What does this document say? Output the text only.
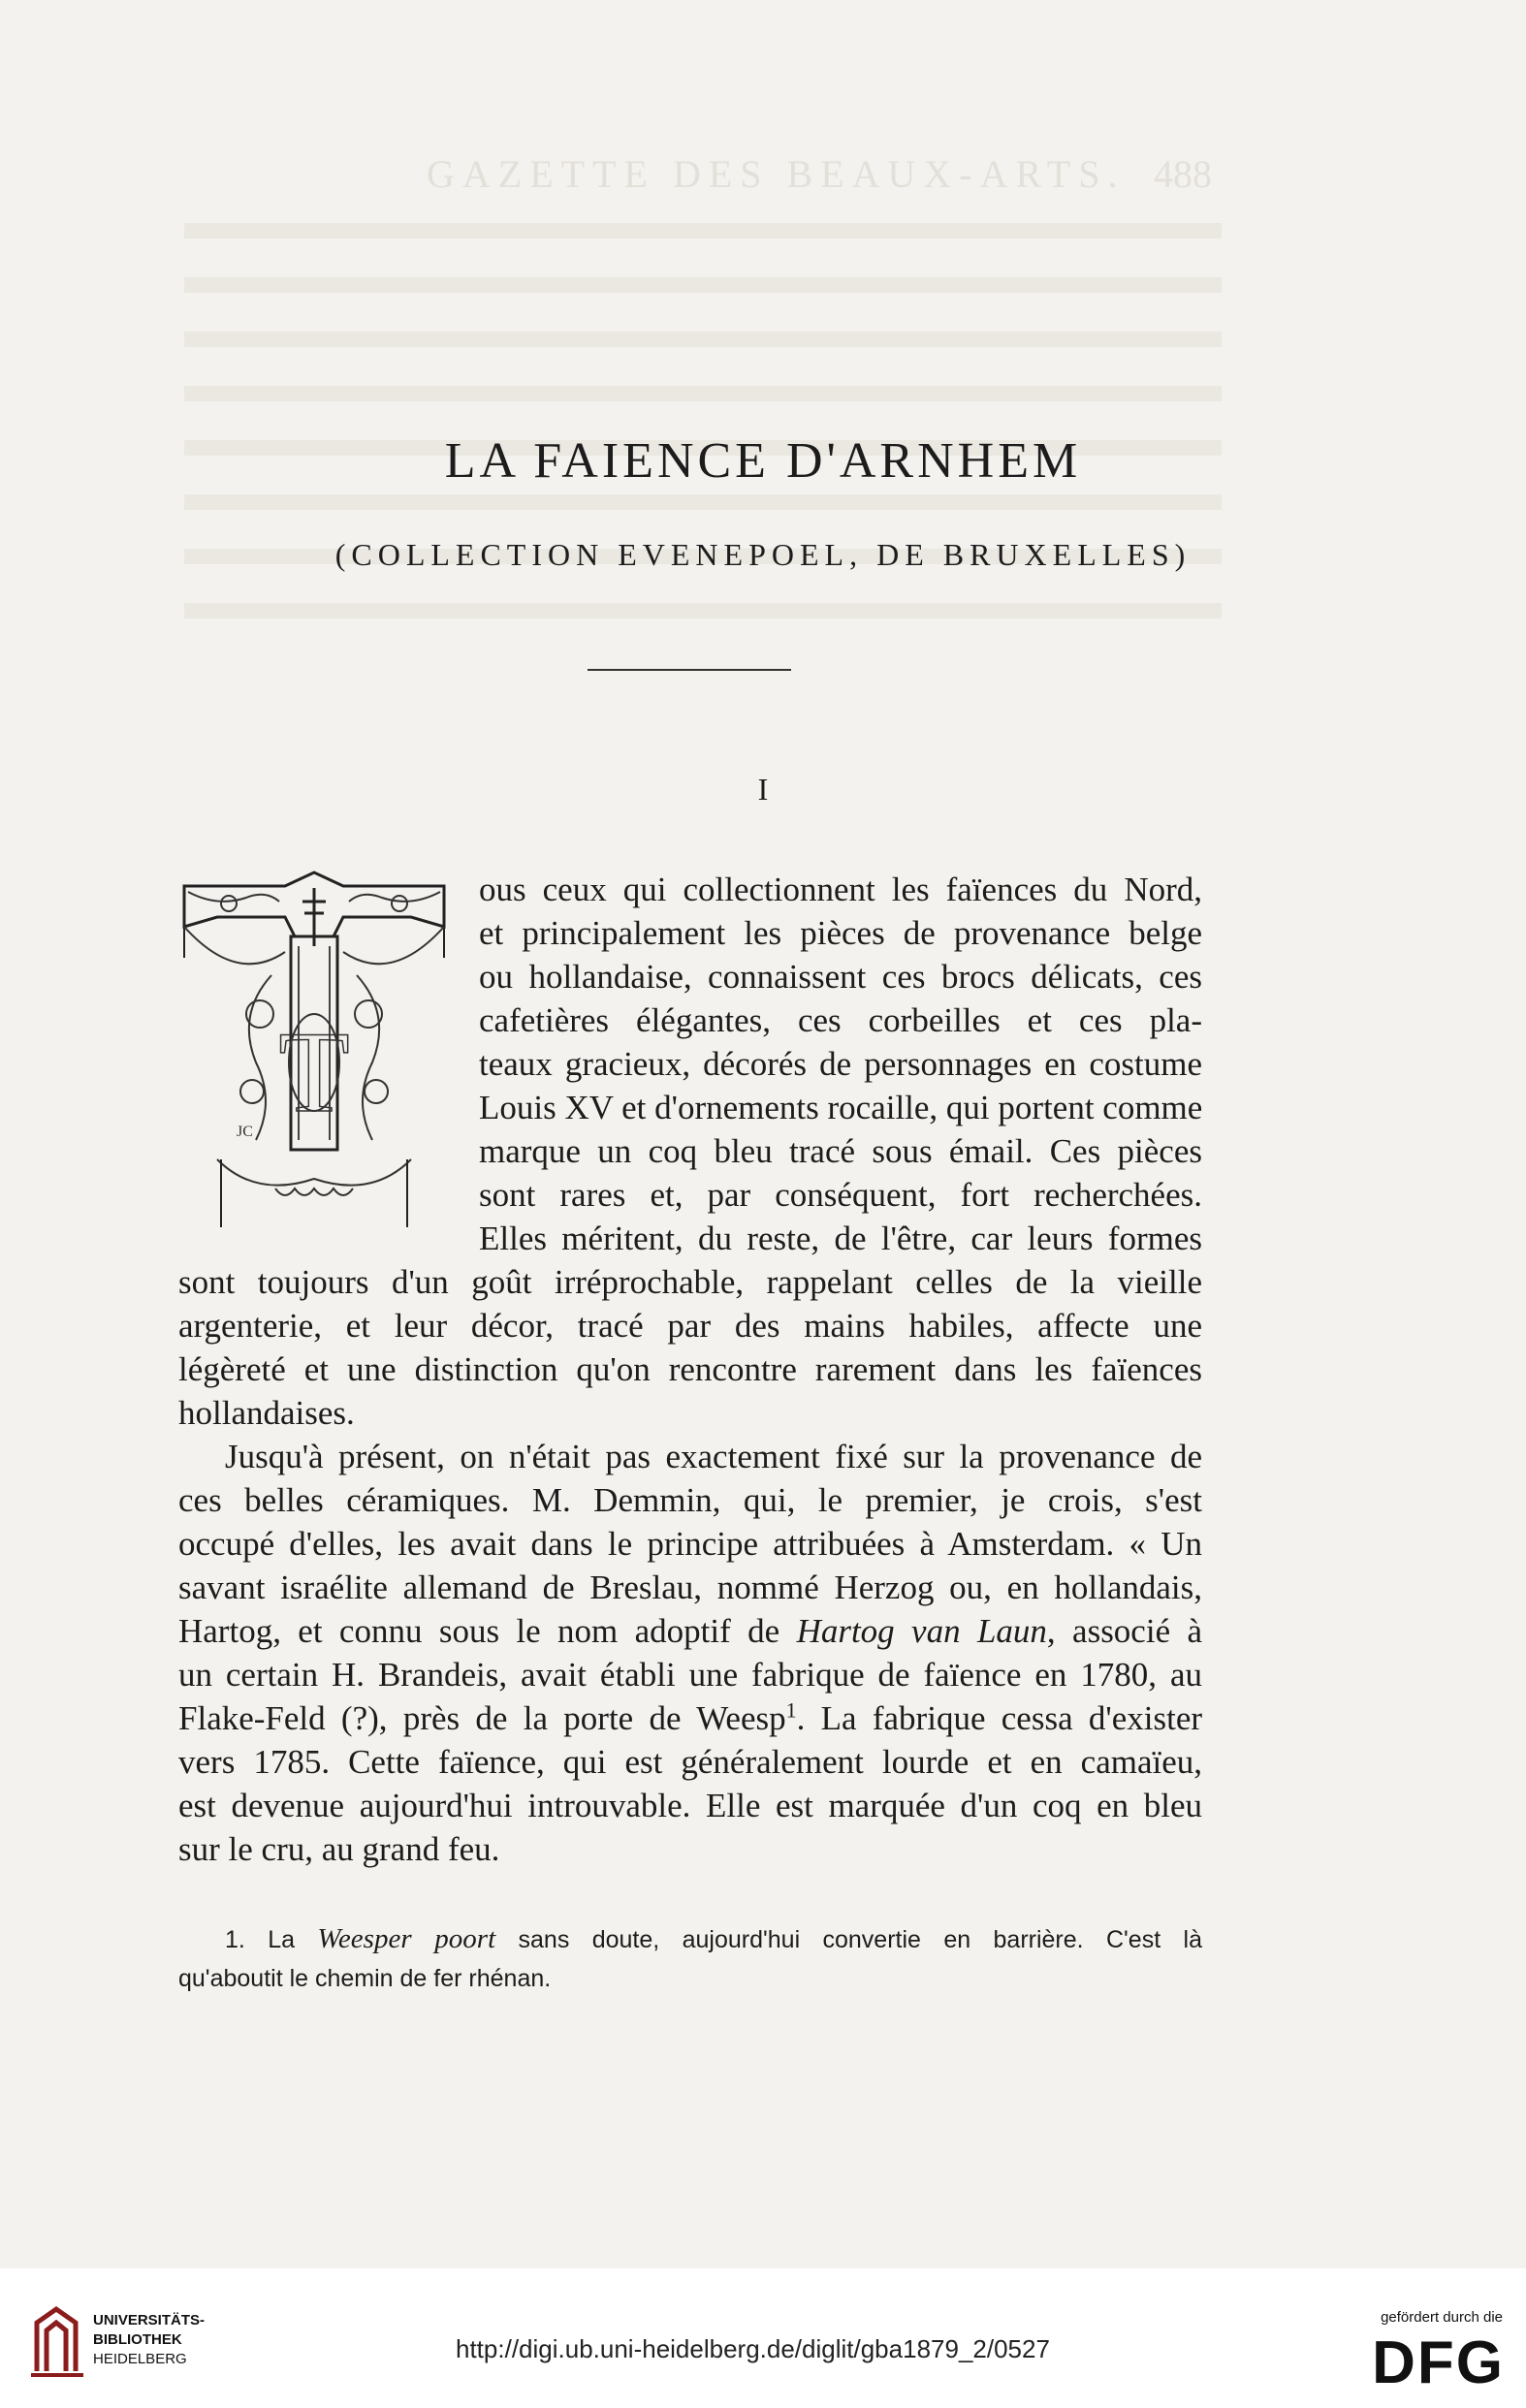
GAZETTE DES BEAUX-ARTS. 488
LA FAIENCE D'ARNHEM
(COLLECTION EVENEPOEL, DE BRUXELLES)
I
T
JC
ous ceux qui collectionnent les faïences du Nord,
et principalement les pièces de provenance belge
ou hollandaise, connaissent ces brocs délicats, ces
cafetières élégantes, ces corbeilles et ces pla-
teaux gracieux, décorés de personnages en costume
Louis XV et d'ornements rocaille, qui portent comme
marque un coq bleu tracé sous émail. Ces pièces
sont rares et, par conséquent, fort recherchées.
Elles méritent, du reste, de l'être, car leurs formes
sont toujours d'un goût irréprochable, rappelant celles de la vieille
argenterie, et leur décor, tracé par des mains habiles, affecte une
légèreté et une distinction qu'on rencontre rarement dans les faïences
hollandaises.
Jusqu'à présent, on n'était pas exactement fixé sur la provenance de
ces belles céramiques. M. Demmin, qui, le premier, je crois, s'est
occupé d'elles, les avait dans le principe attribuées à Amsterdam. « Un
savant israélite allemand de Breslau, nommé Herzog ou, en hollandais,
Hartog, et connu sous le nom adoptif de Hartog van Laun, associé à
un certain H. Brandeis, avait établi une fabrique de faïence en 1780, au
Flake-Feld (?), près de la porte de Weesp$^1$. La fabrique cessa d'exister
vers 1785. Cette faïence, qui est généralement lourde et en camaïeu,
est devenue aujourd'hui introuvable. Elle est marquée d'un coq en bleu
sur le cru, au grand feu.
1. La Weesper poort sans doute, aujourd'hui convertie en barrière. C'est là
qu'aboutit le chemin de fer rhénan.
UNIVERSITÄTS-
BIBLIOTHEK
HEIDELBERG	http://digi.ub.uni-heidelberg.de/diglit/gba1879_2/0527
gefördert durch die
DFG
